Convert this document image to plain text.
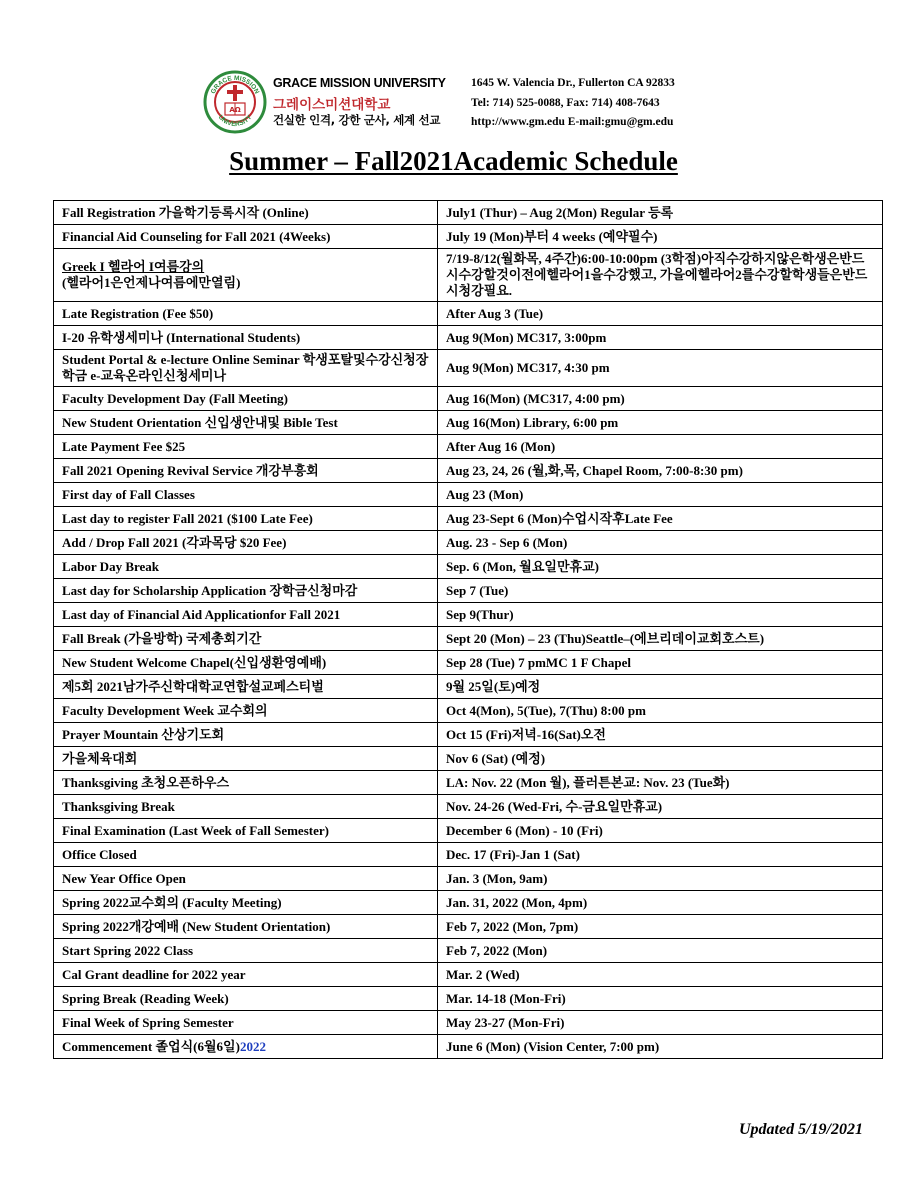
GRACE MISSION
UNIVERSITY
AΩ
GRACE MISSION UNIVERSITY
그레이스미션대학교
건실한 인격, 강한 군사, 세계 선교
1645 W. Valencia Dr., Fullerton CA 92833
Tel: 714) 525-0088, Fax: 714) 408-7643
http://www.gm.edu E-mail:gmu@gm.edu
Summer – Fall2021Academic Schedule
Fall Registration 가을학기등록시작 (Online)	July1 (Thur) – Aug 2(Mon) Regular 등록
Financial Aid Counseling for Fall 2021 (4Weeks)	July 19 (Mon)부터 4 weeks (예약필수)

Greek I 헬라어 I여름강의
(헬라어1은언제나여름에만열림)	7/19-8/12(월화목, 4주간)6:00-10:00pm (3학점)아직수강하지않은학생은반드시수강할것이전에헬라어1을수강했고, 가을에헬라어2를수강할학생들은반드시청강필요.
Late Registration (Fee $50)	After Aug 3 (Tue)
I-20 유학생세미나 (International Students)	Aug 9(Mon) MC317, 3:00pm
Student Portal & e-lecture Online Seminar 학생포탈및수강신청장학금 e-교육온라인신청세미나	Aug 9(Mon) MC317, 4:30 pm
Faculty Development Day (Fall Meeting)	Aug 16(Mon) (MC317, 4:00 pm)
New Student Orientation 신입생안내및 Bible Test	Aug 16(Mon) Library, 6:00 pm
Late Payment Fee $25	After Aug 16 (Mon)
Fall 2021 Opening Revival Service 개강부흥회	Aug 23, 24, 26 (월,화,목, Chapel Room, 7:00-8:30 pm)
First day of Fall Classes	Aug 23 (Mon)
Last day to register Fall 2021 ($100 Late Fee)	Aug 23-Sept 6 (Mon)수업시작후Late Fee
Add / Drop Fall 2021 (각과목당 $20 Fee)	Aug. 23 - Sep 6 (Mon)
Labor Day Break	Sep. 6 (Mon, 월요일만휴교)
Last day for Scholarship Application 장학금신청마감	Sep 7 (Tue)
Last day of Financial Aid Applicationfor Fall 2021	Sep 9(Thur)
Fall Break (가을방학) 국제총회기간	Sept 20 (Mon) – 23 (Thu)Seattle–(에브리데이교회호스트)
New Student Welcome Chapel(신입생환영예배)	Sep 28 (Tue) 7 pmMC 1 F Chapel
제5회 2021남가주신학대학교연합설교페스티벌	9월 25일(토)예정
Faculty Development Week 교수회의	Oct 4(Mon), 5(Tue), 7(Thu) 8:00 pm
Prayer Mountain 산상기도회	Oct 15 (Fri)저녁-16(Sat)오전
가을체육대회	Nov 6 (Sat) (예정)
Thanksgiving 초청오픈하우스	LA: Nov. 22 (Mon 월), 플러튼본교: Nov. 23 (Tue화)
Thanksgiving Break	Nov. 24-26 (Wed-Fri, 수-금요일만휴교)
Final Examination (Last Week of Fall Semester)	December 6 (Mon) - 10 (Fri)
Office Closed	Dec. 17 (Fri)-Jan 1 (Sat)
New Year Office Open	Jan. 3 (Mon, 9am)
Spring 2022교수회의 (Faculty Meeting)	Jan. 31, 2022 (Mon, 4pm)
Spring 2022개강예배 (New Student Orientation)	Feb 7, 2022 (Mon, 7pm)
Start Spring 2022 Class	Feb 7, 2022 (Mon)
Cal Grant deadline for 2022 year	Mar. 2 (Wed)
Spring Break (Reading Week)	Mar. 14-18 (Mon-Fri)
Final Week of Spring Semester	May 23-27 (Mon-Fri)
Commencement 졸업식(6월6일)2022	June 6 (Mon) (Vision Center, 7:00 pm)
Updated 5/19/2021
